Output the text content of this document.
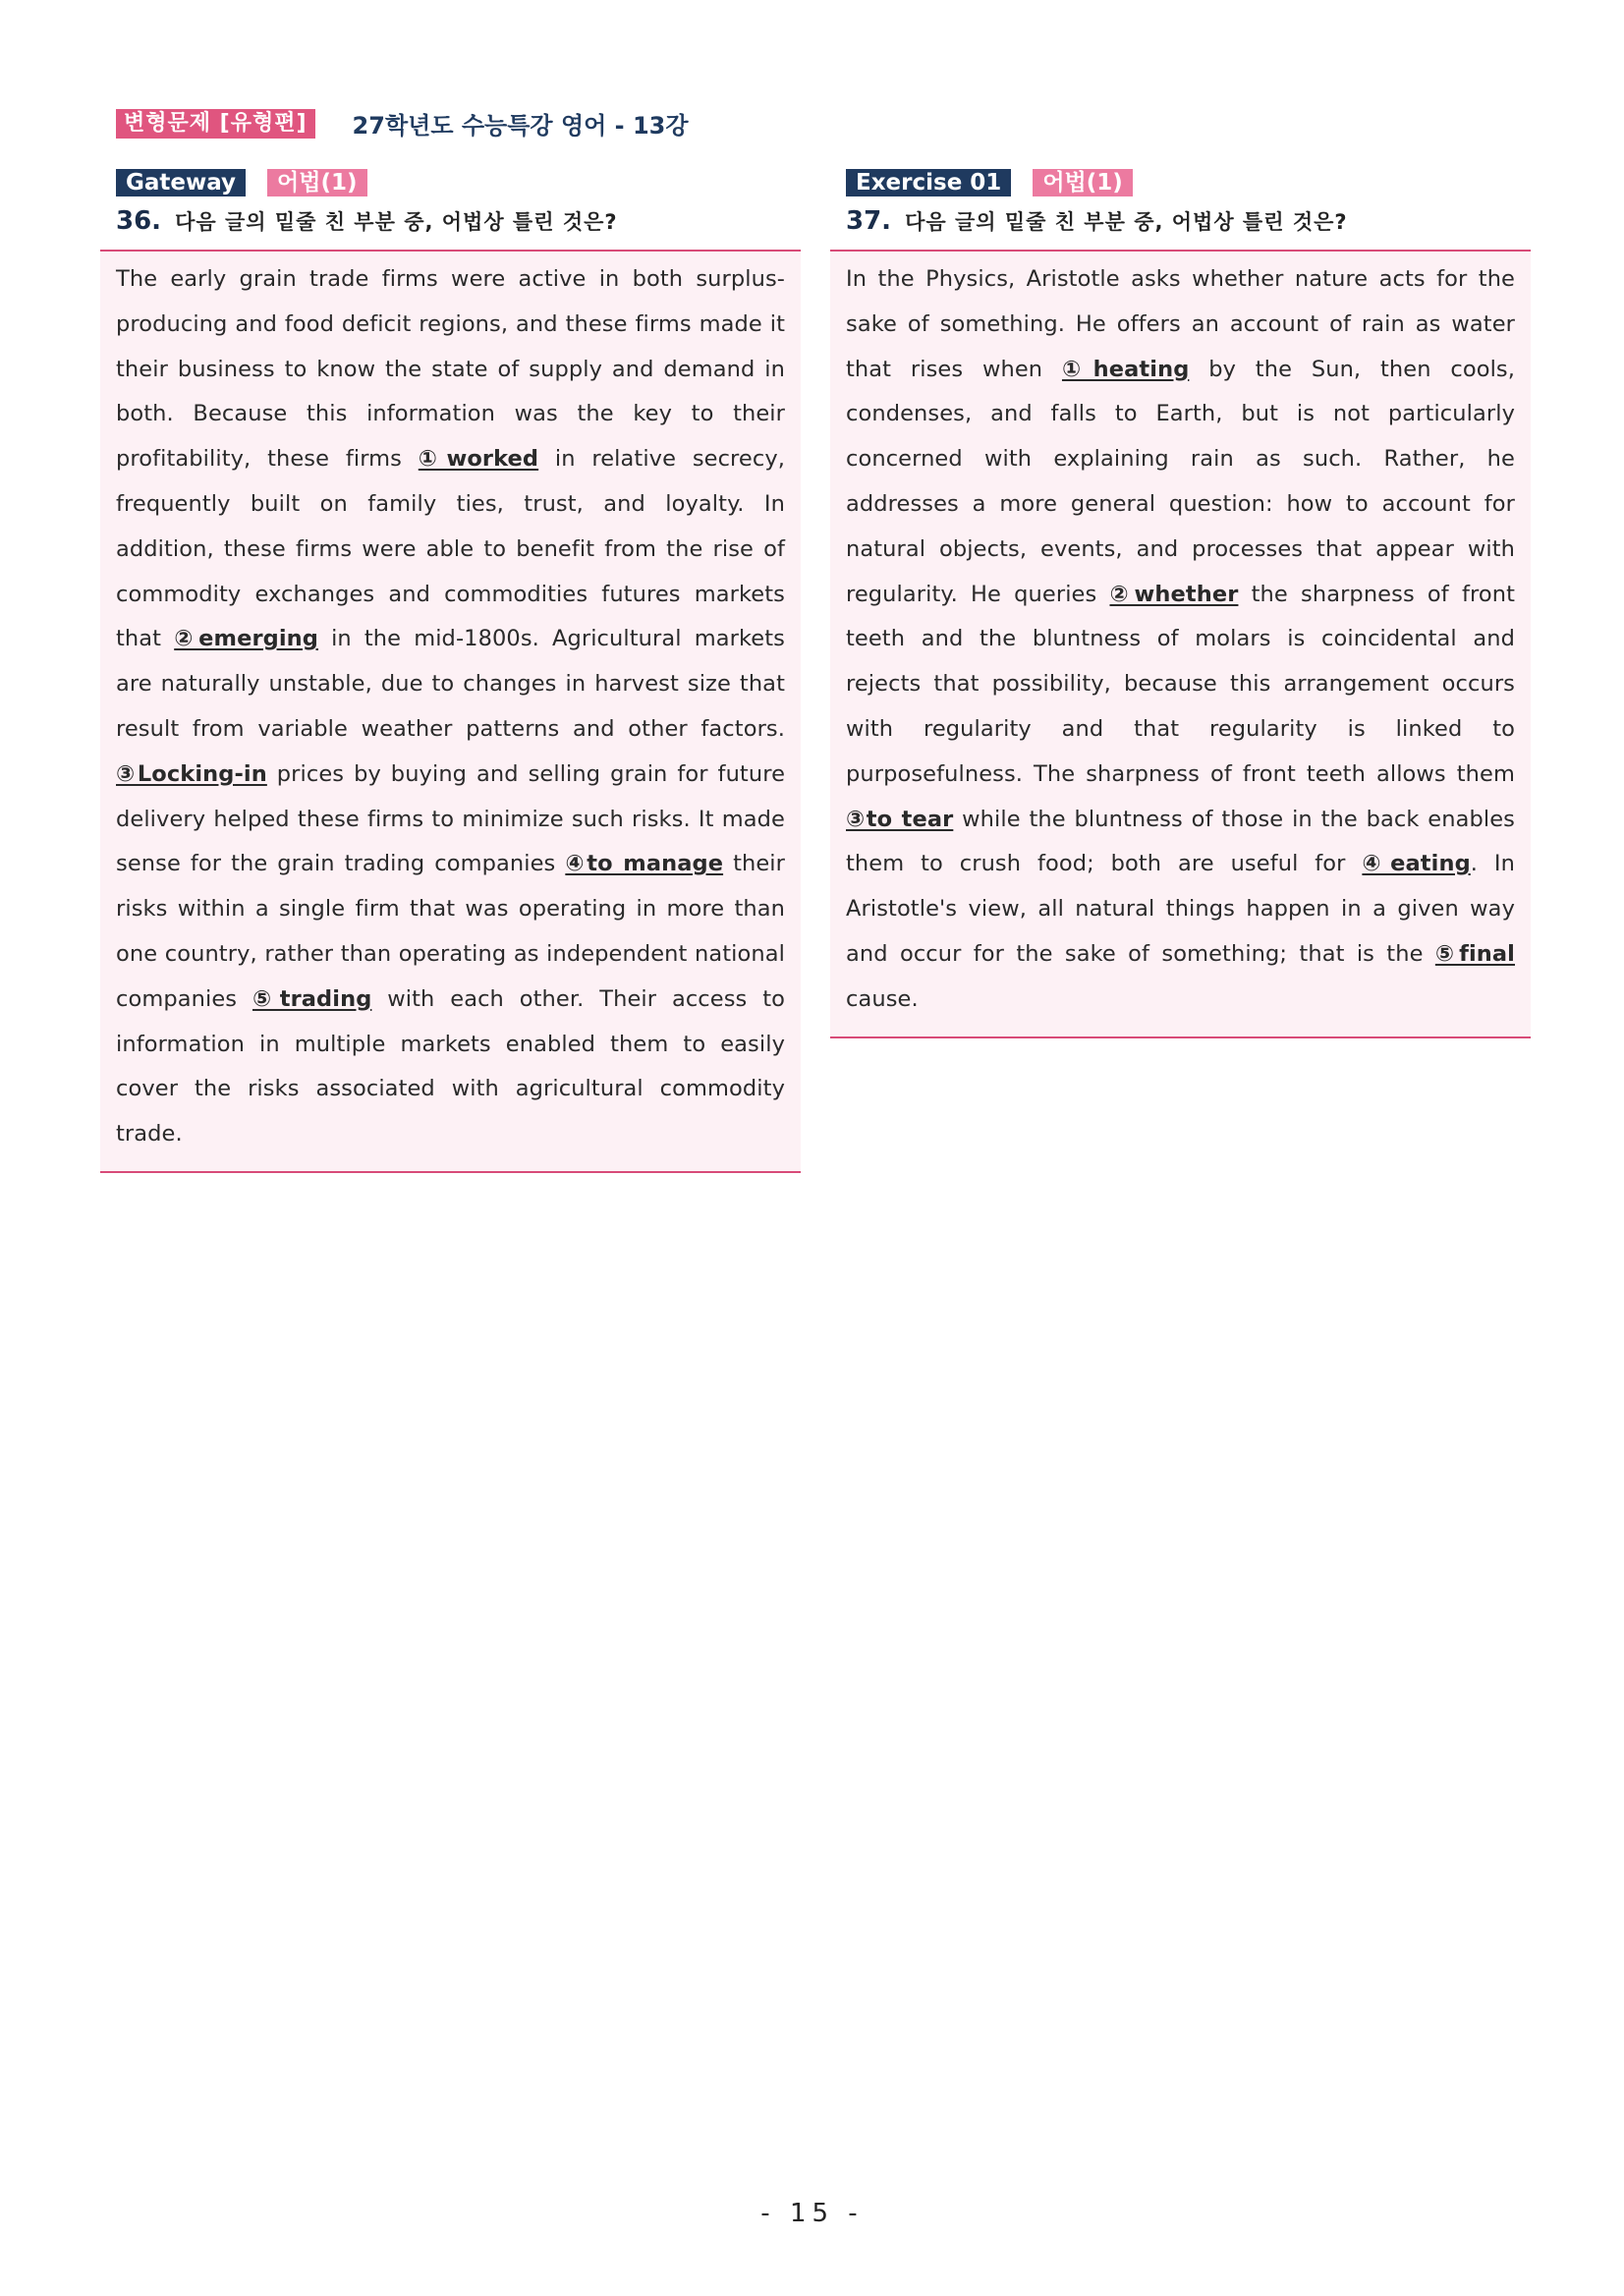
변형문제 [유형편]	27학년도 수능특강 영어 - 13강
Gateway	어법(1)
36. 다음 글의 밑줄 친 부분 중, 어법상 틀린 것은?

The early grain trade firms were active in both surplus-producing and food deficit regions, and these firms made it their business to know the state of supply and demand in both. Because this information was the key to their profitability, these firms ①worked in relative secrecy, frequently built on family ties, trust, and loyalty. In addition, these firms were able to benefit from the rise of commodity exchanges and commodities futures markets that ②emerging in the mid-1800s. Agricultural markets are naturally unstable, due to changes in harvest size that result from variable weather patterns and other factors. ③Locking-in prices by buying and selling grain for future delivery helped these firms to minimize such risks. It made sense for the grain trading companies ④to manage their risks within a single firm that was operating in more than one country, rather than operating as independent national companies ⑤trading with each other. Their access to information in multiple markets enabled them to easily cover the risks associated with agricultural commodity trade.

Exercise 01	어법(1)
37. 다음 글의 밑줄 친 부분 중, 어법상 틀린 것은?

In the Physics, Aristotle asks whether nature acts for the sake of something. He offers an account of rain as water that rises when ①heating by the Sun, then cools, condenses, and falls to Earth, but is not particularly concerned with explaining rain as such. Rather, he addresses a more general question: how to account for natural objects, events, and processes that appear with regularity. He queries ②whether the sharpness of front teeth and the bluntness of molars is coincidental and rejects that possibility, because this arrangement occurs with regularity and that regularity is linked to purposefulness. The sharpness of front teeth allows them ③to tear while the bluntness of those in the back enables them to crush food; both are useful for ④eating. In Aristotle's view, all natural things happen in a given way and occur for the sake of something; that is the ⑤final cause.

- 15 -
